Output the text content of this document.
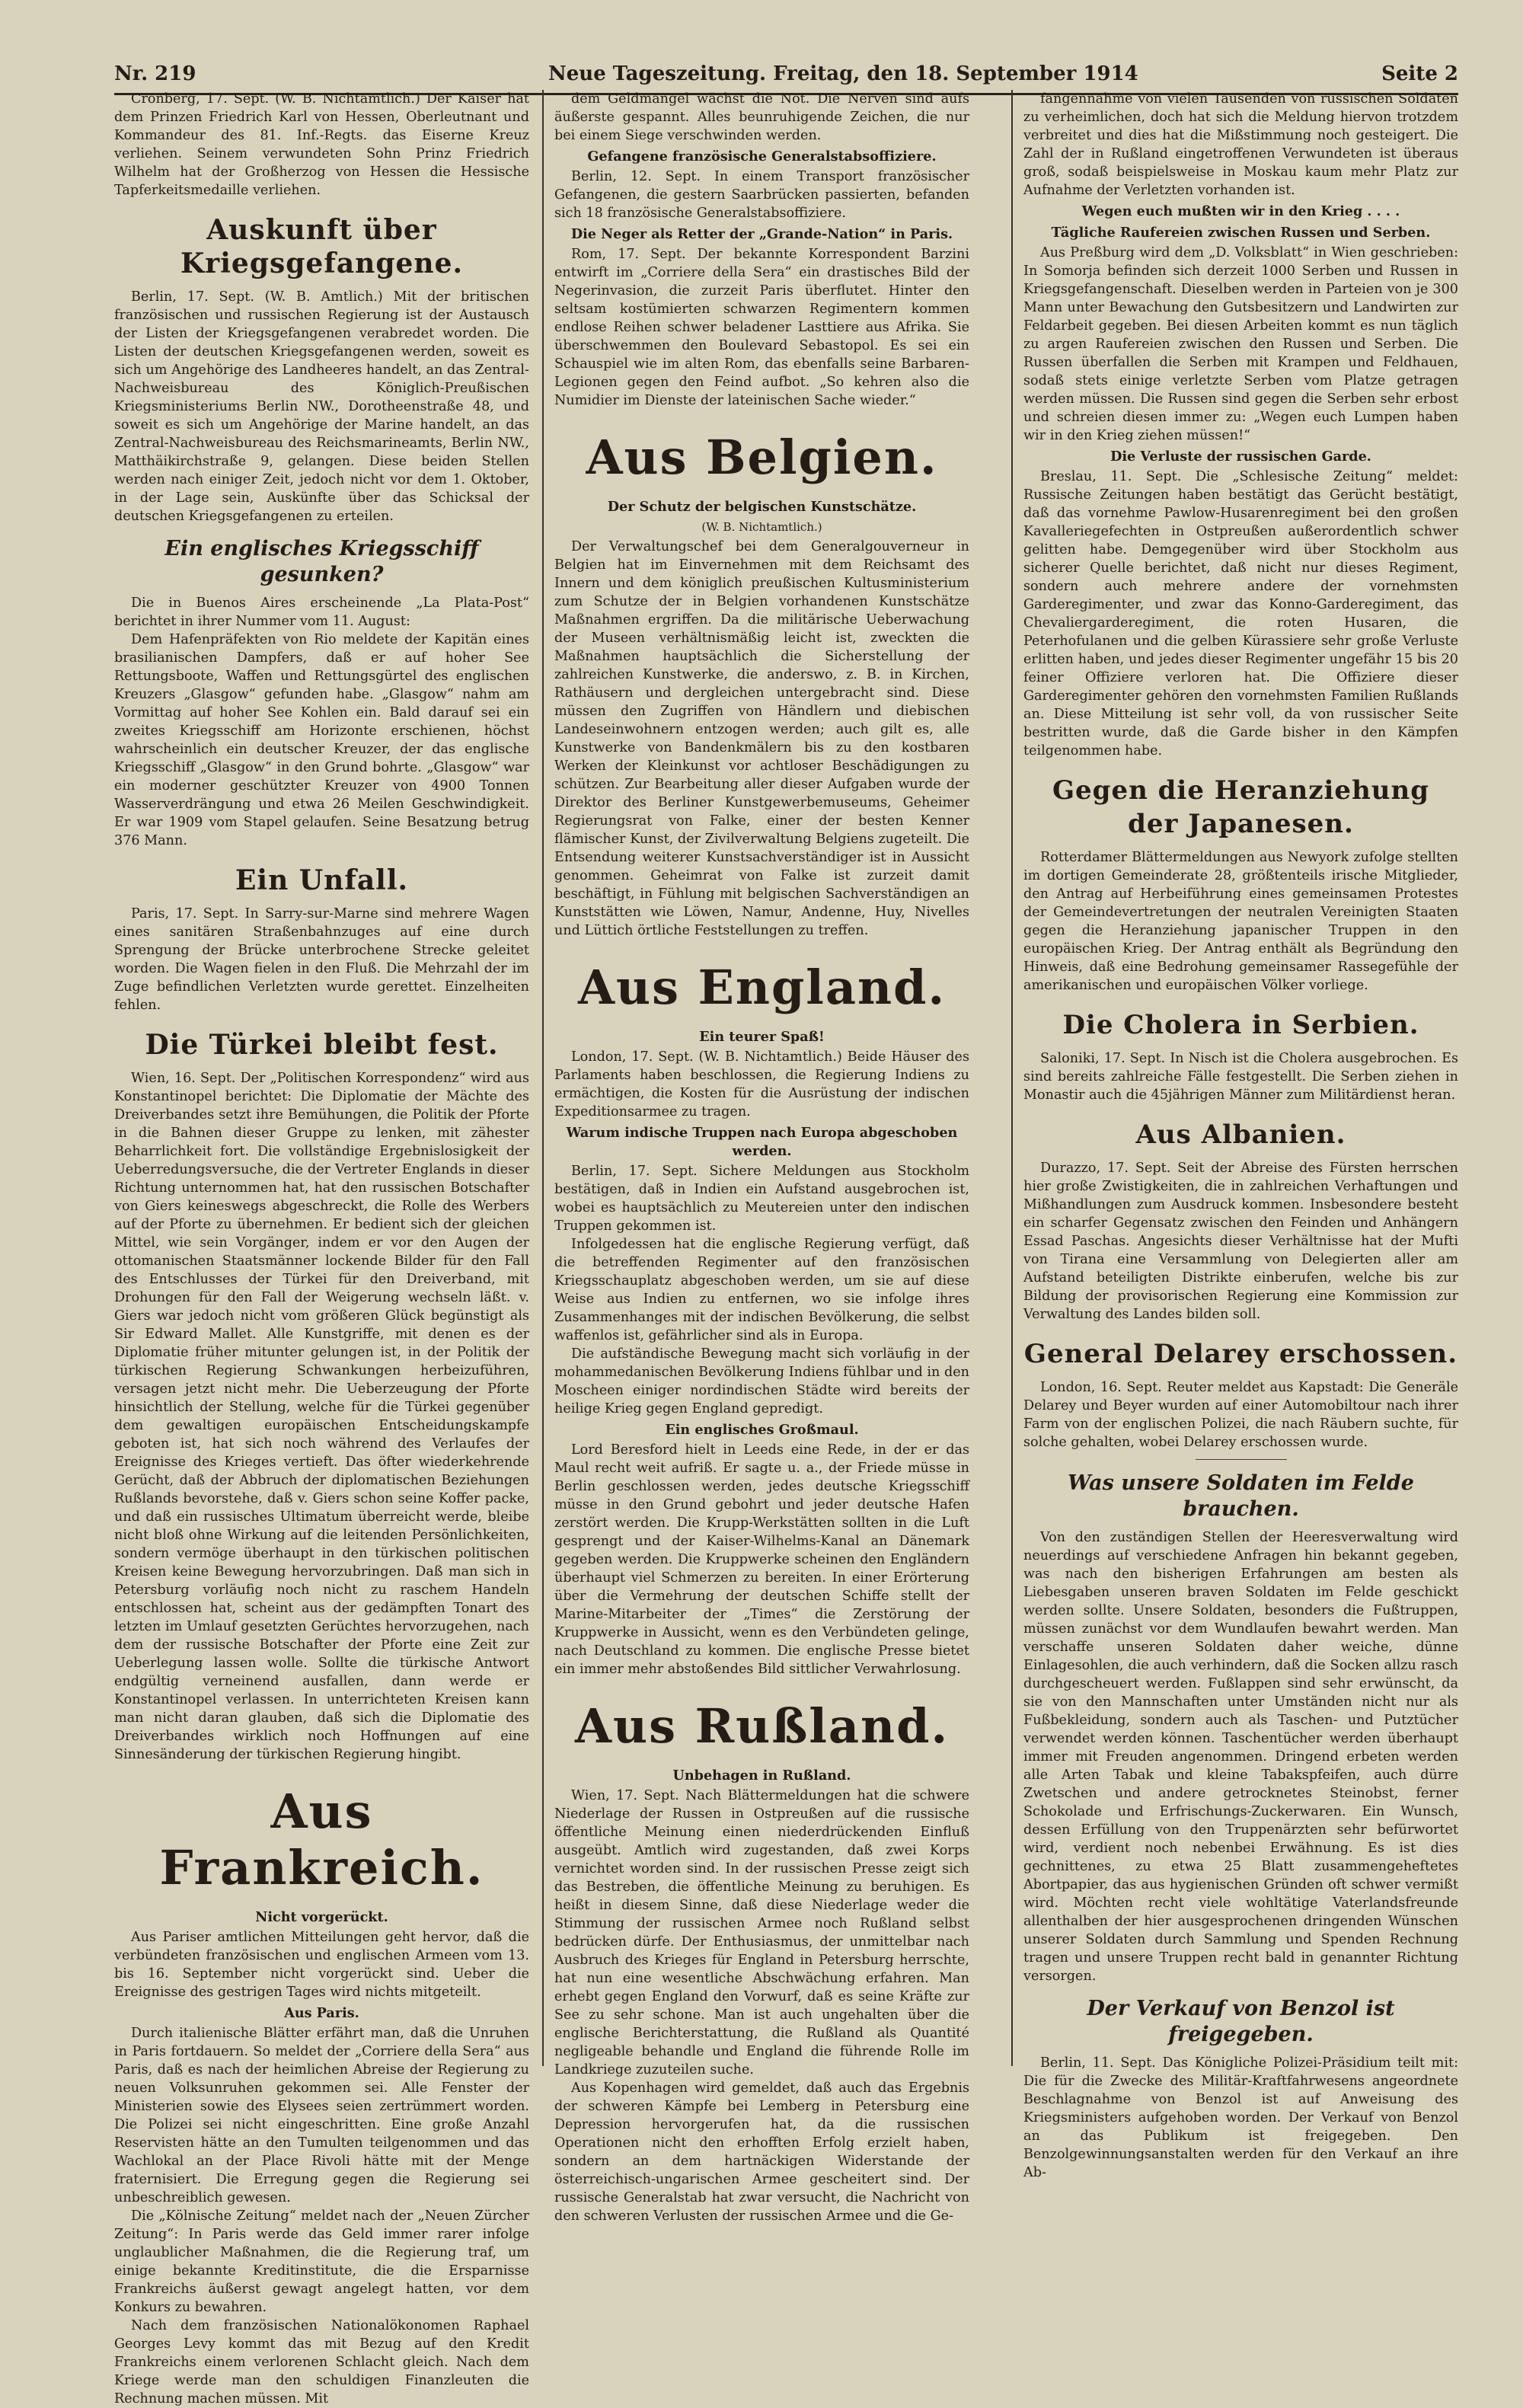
Nr. 219	Neue Tageszeitung. Freitag, den 18. September 1914	Seite 2

Cronberg, 17. Sept. (W. B. Nichtamtlich.) Der Kaiser hat dem Prinzen Friedrich Karl von Hessen, Oberleutnant und Kommandeur des 81. Inf.-Regts. das Eiserne Kreuz verliehen. Seinem verwundeten Sohn Prinz Friedrich Wilhelm hat der Großherzog von Hessen die Hessische Tapferkeitsmedaille verliehen.

Auskunft über Kriegsgefangene.

Berlin, 17. Sept. (W. B. Amtlich.) Mit der britischen französischen und russischen Regierung ist der Austausch der Listen der Kriegsgefangenen verabredet worden. Die Listen der deutschen Kriegsgefangenen werden, soweit es sich um Angehörige des Landheeres handelt, an das Zentral-Nachweisbureau des Königlich-Preußischen Kriegsministeriums Berlin NW., Dorotheenstraße 48, und soweit es sich um Angehörige der Marine handelt, an das Zentral-Nachweisbureau des Reichsmarineamts, Berlin NW., Matthäikirchstraße 9, gelangen. Diese beiden Stellen werden nach einiger Zeit, jedoch nicht vor dem 1. Oktober, in der Lage sein, Auskünfte über das Schicksal der deutschen Kriegsgefangenen zu erteilen.

Ein englisches Kriegsschiff gesunken?

Die in Buenos Aires erscheinende „La Plata-Post“ berichtet in ihrer Nummer vom 11. August:

Dem Hafenpräfekten von Rio meldete der Kapitän eines brasilianischen Dampfers, daß er auf hoher See Rettungsboote, Waffen und Rettungsgürtel des englischen Kreuzers „Glasgow“ gefunden habe. „Glasgow“ nahm am Vormittag auf hoher See Kohlen ein. Bald darauf sei ein zweites Kriegsschiff am Horizonte erschienen, höchst wahrscheinlich ein deutscher Kreuzer, der das englische Kriegsschiff „Glasgow“ in den Grund bohrte. „Glasgow“ war ein moderner geschützter Kreuzer von 4900 Tonnen Wasserverdrängung und etwa 26 Meilen Geschwindigkeit. Er war 1909 vom Stapel gelaufen. Seine Besatzung betrug 376 Mann.

Ein Unfall.

Paris, 17. Sept. In Sarry-sur-Marne sind mehrere Wagen eines sanitären Straßenbahnzuges auf eine durch Sprengung der Brücke unterbrochene Strecke geleitet worden. Die Wagen fielen in den Fluß. Die Mehrzahl der im Zuge befindlichen Verletzten wurde gerettet. Einzelheiten fehlen.

Die Türkei bleibt fest.

Wien, 16. Sept. Der „Politischen Korrespondenz“ wird aus Konstantinopel berichtet: Die Diplomatie der Mächte des Dreiverbandes setzt ihre Bemühungen, die Politik der Pforte in die Bahnen dieser Gruppe zu lenken, mit zähester Beharrlichkeit fort. Die vollständige Ergebnislosigkeit der Ueberredungsversuche, die der Vertreter Englands in dieser Richtung unternommen hat, hat den russischen Botschafter von Giers keineswegs abgeschreckt, die Rolle des Werbers auf der Pforte zu übernehmen. Er bedient sich der gleichen Mittel, wie sein Vorgänger, indem er vor den Augen der ottomanischen Staatsmänner lockende Bilder für den Fall des Entschlusses der Türkei für den Dreiverband, mit Drohungen für den Fall der Weigerung wechseln läßt. v. Giers war jedoch nicht vom größeren Glück begünstigt als Sir Edward Mallet. Alle Kunstgriffe, mit denen es der Diplomatie früher mitunter gelungen ist, in der Politik der türkischen Regierung Schwankungen herbeizuführen, versagen jetzt nicht mehr. Die Ueberzeugung der Pforte hinsichtlich der Stellung, welche für die Türkei gegenüber dem gewaltigen europäischen Entscheidungskampfe geboten ist, hat sich noch während des Verlaufes der Ereignisse des Krieges vertieft. Das öfter wiederkehrende Gerücht, daß der Abbruch der diplomatischen Beziehungen Rußlands bevorstehe, daß v. Giers schon seine Koffer packe, und daß ein russisches Ultimatum überreicht werde, bleibe nicht bloß ohne Wirkung auf die leitenden Persönlichkeiten, sondern vermöge überhaupt in den türkischen politischen Kreisen keine Bewegung hervorzubringen. Daß man sich in Petersburg vorläufig noch nicht zu raschem Handeln entschlossen hat, scheint aus der gedämpften Tonart des letzten im Umlauf gesetzten Gerüchtes hervorzugehen, nach dem der russische Botschafter der Pforte eine Zeit zur Ueberlegung lassen wolle. Sollte die türkische Antwort endgültig verneinend ausfallen, dann werde er Konstantinopel verlassen. In unterrichteten Kreisen kann man nicht daran glauben, daß sich die Diplomatie des Dreiverbandes wirklich noch Hoffnungen auf eine Sinnesänderung der türkischen Regierung hingibt.

Aus Frankreich.

Nicht vorgerückt.

Aus Pariser amtlichen Mitteilungen geht hervor, daß die verbündeten französischen und englischen Armeen vom 13. bis 16. September nicht vorgerückt sind. Ueber die Ereignisse des gestrigen Tages wird nichts mitgeteilt.

Aus Paris.

Durch italienische Blätter erfährt man, daß die Unruhen in Paris fortdauern. So meldet der „Corriere della Sera“ aus Paris, daß es nach der heimlichen Abreise der Regierung zu neuen Volksunruhen gekommen sei. Alle Fenster der Ministerien sowie des Elysees seien zertrümmert worden. Die Polizei sei nicht eingeschritten. Eine große Anzahl Reservisten hätte an den Tumulten teilgenommen und das Wachlokal an der Place Rivoli hätte mit der Menge fraternisiert. Die Erregung gegen die Regierung sei unbeschreiblich gewesen.

Die „Kölnische Zeitung“ meldet nach der „Neuen Zürcher Zeitung“: In Paris werde das Geld immer rarer infolge unglaublicher Maßnahmen, die die Regierung traf, um einige bekannte Kreditinstitute, die die Ersparnisse Frankreichs äußerst gewagt angelegt hatten, vor dem Konkurs zu bewahren.

Nach dem französischen Nationalökonomen Raphael Georges Levy kommt das mit Bezug auf den Kredit Frankreichs einem verlorenen Schlacht gleich. Nach dem Kriege werde man den schuldigen Finanzleuten die Rechnung machen müssen. Mit

dem Geldmangel wächst die Not. Die Nerven sind aufs äußerste gespannt. Alles beunruhigende Zeichen, die nur bei einem Siege verschwinden werden.

Gefangene französische Generalstabsoffiziere.

Berlin, 12. Sept. In einem Transport französischer Gefangenen, die gestern Saarbrücken passierten, befanden sich 18 französische Generalstabsoffiziere.

Die Neger als Retter der „Grande-Nation“ in Paris.

Rom, 17. Sept. Der bekannte Korrespondent Barzini entwirft im „Corriere della Sera“ ein drastisches Bild der Negerinvasion, die zurzeit Paris überflutet. Hinter den seltsam kostümierten schwarzen Regimentern kommen endlose Reihen schwer beladener Lasttiere aus Afrika. Sie überschwemmen den Boulevard Sebastopol. Es sei ein Schauspiel wie im alten Rom, das ebenfalls seine Barbaren-Legionen gegen den Feind aufbot. „So kehren also die Numidier im Dienste der lateinischen Sache wieder.“

Aus Belgien.

Der Schutz der belgischen Kunstschätze.

(W. B. Nichtamtlich.)

Der Verwaltungschef bei dem Generalgouverneur in Belgien hat im Einvernehmen mit dem Reichsamt des Innern und dem königlich preußischen Kultusministerium zum Schutze der in Belgien vorhandenen Kunstschätze Maßnahmen ergriffen. Da die militärische Ueberwachung der Museen verhältnismäßig leicht ist, zweckten die Maßnahmen hauptsächlich die Sicherstellung der zahlreichen Kunstwerke, die anderswo, z. B. in Kirchen, Rathäusern und dergleichen untergebracht sind. Diese müssen den Zugriffen von Händlern und diebischen Landeseinwohnern entzogen werden; auch gilt es, alle Kunstwerke von Bandenkmälern bis zu den kostbaren Werken der Kleinkunst vor achtloser Beschädigungen zu schützen. Zur Bearbeitung aller dieser Aufgaben wurde der Direktor des Berliner Kunstgewerbemuseums, Geheimer Regierungsrat von Falke, einer der besten Kenner flämischer Kunst, der Zivilverwaltung Belgiens zugeteilt. Die Entsendung weiterer Kunstsachverständiger ist in Aussicht genommen. Geheimrat von Falke ist zurzeit damit beschäftigt, in Fühlung mit belgischen Sachverständigen an Kunststätten wie Löwen, Namur, Andenne, Huy, Nivelles und Lüttich örtliche Feststellungen zu treffen.

Aus England.

Ein teurer Spaß!

London, 17. Sept. (W. B. Nichtamtlich.) Beide Häuser des Parlaments haben beschlossen, die Regierung Indiens zu ermächtigen, die Kosten für die Ausrüstung der indischen Expeditionsarmee zu tragen.

Warum indische Truppen nach Europa abgeschoben werden.

Berlin, 17. Sept. Sichere Meldungen aus Stockholm bestätigen, daß in Indien ein Aufstand ausgebrochen ist, wobei es hauptsächlich zu Meutereien unter den indischen Truppen gekommen ist.

Infolgedessen hat die englische Regierung verfügt, daß die betreffenden Regimenter auf den französischen Kriegsschauplatz abgeschoben werden, um sie auf diese Weise aus Indien zu entfernen, wo sie infolge ihres Zusammenhanges mit der indischen Bevölkerung, die selbst waffenlos ist, gefährlicher sind als in Europa.

Die aufständische Bewegung macht sich vorläufig in der mohammedanischen Bevölkerung Indiens fühlbar und in den Moscheen einiger nordindischen Städte wird bereits der heilige Krieg gegen England gepredigt.

Ein englisches Großmaul.

Lord Beresford hielt in Leeds eine Rede, in der er das Maul recht weit aufriß. Er sagte u. a., der Friede müsse in Berlin geschlossen werden, jedes deutsche Kriegsschiff müsse in den Grund gebohrt und jeder deutsche Hafen zerstört werden. Die Krupp-Werkstätten sollten in die Luft gesprengt und der Kaiser-Wilhelms-Kanal an Dänemark gegeben werden. Die Kruppwerke scheinen den Engländern überhaupt viel Schmerzen zu bereiten. In einer Erörterung über die Vermehrung der deutschen Schiffe stellt der Marine-Mitarbeiter der „Times“ die Zerstörung der Kruppwerke in Aussicht, wenn es den Verbündeten gelinge, nach Deutschland zu kommen. Die englische Presse bietet ein immer mehr abstoßendes Bild sittlicher Verwahrlosung.

Aus Rußland.

Unbehagen in Rußland.

Wien, 17. Sept. Nach Blättermeldungen hat die schwere Niederlage der Russen in Ostpreußen auf die russische öffentliche Meinung einen niederdrückenden Einfluß ausgeübt. Amtlich wird zugestanden, daß zwei Korps vernichtet worden sind. In der russischen Presse zeigt sich das Bestreben, die öffentliche Meinung zu beruhigen. Es heißt in diesem Sinne, daß diese Niederlage weder die Stimmung der russischen Armee noch Rußland selbst bedrücken dürfe. Der Enthusiasmus, der unmittelbar nach Ausbruch des Krieges für England in Petersburg herrschte, hat nun eine wesentliche Abschwächung erfahren. Man erhebt gegen England den Vorwurf, daß es seine Kräfte zur See zu sehr schone. Man ist auch ungehalten über die englische Berichterstattung, die Rußland als Quantité negligeable behandle und England die führende Rolle im Landkriege zuzuteilen suche.

Aus Kopenhagen wird gemeldet, daß auch das Ergebnis der schweren Kämpfe bei Lemberg in Petersburg eine Depression hervorgerufen hat, da die russischen Operationen nicht den erhofften Erfolg erzielt haben, sondern an dem hartnäckigen Widerstande der österreichisch-ungarischen Armee gescheitert sind. Der russische Generalstab hat zwar versucht, die Nachricht von den schweren Verlusten der russischen Armee und die Ge-

fangennahme von vielen Tausenden von russischen Soldaten zu verheimlichen, doch hat sich die Meldung hiervon trotzdem verbreitet und dies hat die Mißstimmung noch gesteigert. Die Zahl der in Rußland eingetroffenen Verwundeten ist überaus groß, sodaß beispielsweise in Moskau kaum mehr Platz zur Aufnahme der Verletzten vorhanden ist.

Wegen euch mußten wir in den Krieg . . . .

Tägliche Raufereien zwischen Russen und Serben.

Aus Preßburg wird dem „D. Volksblatt“ in Wien geschrieben: In Somorja befinden sich derzeit 1000 Serben und Russen in Kriegsgefangenschaft. Dieselben werden in Parteien von je 300 Mann unter Bewachung den Gutsbesitzern und Landwirten zur Feldarbeit gegeben. Bei diesen Arbeiten kommt es nun täglich zu argen Raufereien zwischen den Russen und Serben. Die Russen überfallen die Serben mit Krampen und Feldhauen, sodaß stets einige verletzte Serben vom Platze getragen werden müssen. Die Russen sind gegen die Serben sehr erbost und schreien diesen immer zu: „Wegen euch Lumpen haben wir in den Krieg ziehen müssen!“

Die Verluste der russischen Garde.

Breslau, 11. Sept. Die „Schlesische Zeitung“ meldet: Russische Zeitungen haben bestätigt das Gerücht bestätigt, daß das vornehme Pawlow-Husarenregiment bei den großen Kavalleriegefechten in Ostpreußen außerordentlich schwer gelitten habe. Demgegenüber wird über Stockholm aus sicherer Quelle berichtet, daß nicht nur dieses Regiment, sondern auch mehrere andere der vornehmsten Garderegimenter, und zwar das Konno-Garderegiment, das Chevaliergarderegiment, die roten Husaren, die Peterhofulanen und die gelben Kürassiere sehr große Verluste erlitten haben, und jedes dieser Regimenter ungefähr 15 bis 20 feiner Offiziere verloren hat. Die Offiziere dieser Garderegimenter gehören den vornehmsten Familien Rußlands an. Diese Mitteilung ist sehr voll, da von russischer Seite bestritten wurde, daß die Garde bisher in den Kämpfen teilgenommen habe.

Gegen die Heranziehung der Japanesen.

Rotterdamer Blättermeldungen aus Newyork zufolge stellten im dortigen Gemeinderate 28, größtenteils irische Mitglieder, den Antrag auf Herbeiführung eines gemeinsamen Protestes der Gemeindevertretungen der neutralen Vereinigten Staaten gegen die Heranziehung japanischer Truppen in den europäischen Krieg. Der Antrag enthält als Begründung den Hinweis, daß eine Bedrohung gemeinsamer Rassegefühle der amerikanischen und europäischen Völker vorliege.

Die Cholera in Serbien.

Saloniki, 17. Sept. In Nisch ist die Cholera ausgebrochen. Es sind bereits zahlreiche Fälle festgestellt. Die Serben ziehen in Monastir auch die 45jährigen Männer zum Militärdienst heran.

Aus Albanien.

Durazzo, 17. Sept. Seit der Abreise des Fürsten herrschen hier große Zwistigkeiten, die in zahlreichen Verhaftungen und Mißhandlungen zum Ausdruck kommen. Insbesondere besteht ein scharfer Gegensatz zwischen den Feinden und Anhängern Essad Paschas. Angesichts dieser Verhältnisse hat der Mufti von Tirana eine Versammlung von Delegierten aller am Aufstand beteiligten Distrikte einberufen, welche bis zur Bildung der provisorischen Regierung eine Kommission zur Verwaltung des Landes bilden soll.

General Delarey erschossen.

London, 16. Sept. Reuter meldet aus Kapstadt: Die Generäle Delarey und Beyer wurden auf einer Automobiltour nach ihrer Farm von der englischen Polizei, die nach Räubern suchte, für solche gehalten, wobei Delarey erschossen wurde.

Was unsere Soldaten im Felde brauchen.

Von den zuständigen Stellen der Heeresverwaltung wird neuerdings auf verschiedene Anfragen hin bekannt gegeben, was nach den bisherigen Erfahrungen am besten als Liebesgaben unseren braven Soldaten im Felde geschickt werden sollte. Unsere Soldaten, besonders die Fußtruppen, müssen zunächst vor dem Wundlaufen bewahrt werden. Man verschaffe unseren Soldaten daher weiche, dünne Einlagesohlen, die auch verhindern, daß die Socken allzu rasch durchgescheuert werden. Fußlappen sind sehr erwünscht, da sie von den Mannschaften unter Umständen nicht nur als Fußbekleidung, sondern auch als Taschen- und Putztücher verwendet werden können. Taschentücher werden überhaupt immer mit Freuden angenommen. Dringend erbeten werden alle Arten Tabak und kleine Tabakspfeifen, auch dürre Zwetschen und andere getrocknetes Steinobst, ferner Schokolade und Erfrischungs-Zuckerwaren. Ein Wunsch, dessen Erfüllung von den Truppenärzten sehr befürwortet wird, verdient noch nebenbei Erwähnung. Es ist dies gechnittenes, zu etwa 25 Blatt zusammengeheftetes Abortpapier, das aus hygienischen Gründen oft schwer vermißt wird. Möchten recht viele wohltätige Vaterlandsfreunde allenthalben der hier ausgesprochenen dringenden Wünschen unserer Soldaten durch Sammlung und Spenden Rechnung tragen und unsere Truppen recht bald in genannter Richtung versorgen.

Der Verkauf von Benzol ist freigegeben.

Berlin, 11. Sept. Das Königliche Polizei-Präsidium teilt mit: Die für die Zwecke des Militär-Kraftfahrwesens angeordnete Beschlagnahme von Benzol ist auf Anweisung des Kriegsministers aufgehoben worden. Der Verkauf von Benzol an das Publikum ist freigegeben. Den Benzolgewinnungsanstalten werden für den Verkauf an ihre Ab-
